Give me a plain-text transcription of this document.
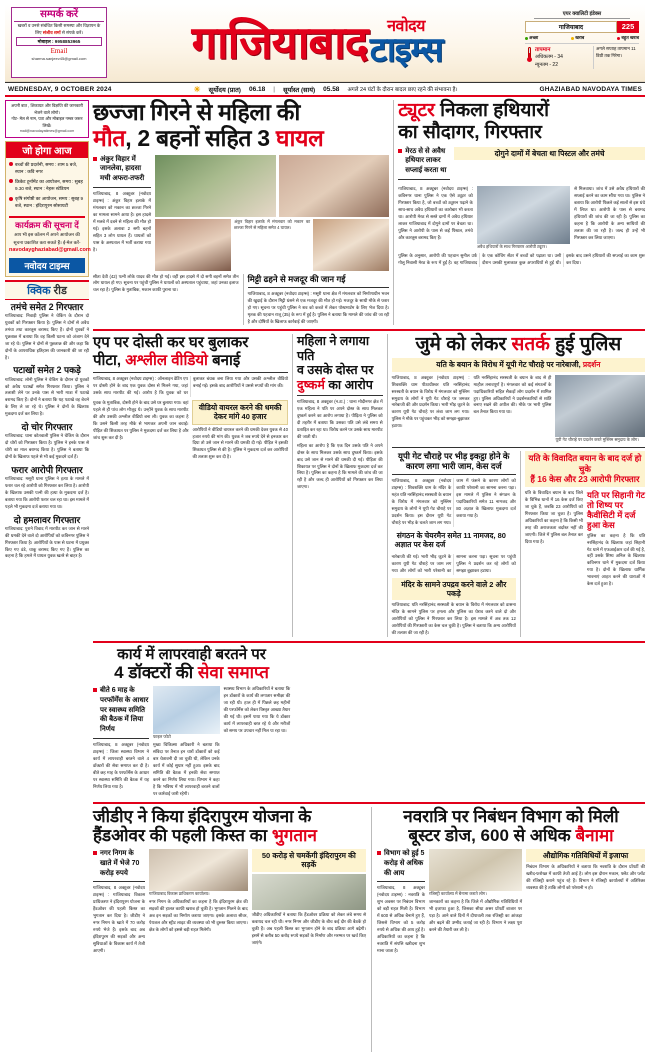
सम्पर्क करें
खबरों व उनसे संबंधित किसी समस्या और विज्ञापन के लिए संजीव शर्मा से संपर्क करें।
मोबाइल : 9958853965
Email
sharma.sanjeev45@gmail.com	गाजियाबाद नवोदय
टाइम्स
एयर क्वालिटी इंडेक्स
गाजियाबाद	225
अच्छा	खराब	बहुत खराब
तापमान
अधिकतम - 34
न्यूनतम - 22
अगले सप्ताह तापमान 11 डिग्री तक गिरेगा।
WEDNESDAY, 9 OCTOBER 2024	☀ सूर्योदय (प्रात) 06.18 | सूर्यास्त (सायं) 05.58 अगले 24 घंटों के दौरान बादल छाए रहने की संभावना है।	GHAZIABAD NAVODAYA TIMES
अपनी बात , शिकायत और विज्ञप्ति की जानकारी भेजने वाले लोगो।
नोट- मेल से नाम, पता और मोबाइल नम्बर जरूर लिखें।
mail@navodayatimes@gmail.com
जो होगा आज
बच्चों की प्रदर्शनी, समय : शाम 5 बजे, स्थान : कवि नगर
क्रिकेट टूर्नामेंट का आयोजन, समय : सुबह 9.30 बजे, स्थान : नेहरू स्टेडियम
कृषि संगोष्ठी का आयोजन, समय : सुबह 9 बजे, स्थान : इंदिरापुरम सोसायटी
कार्यक्रम की सूचना दें
आप भी इस कॉलम में अपने आयोजन की सूचना प्रकाशित करा सकते हैं। ई-मेल करें-
navodayghaziabad@gmail.com
नवोदय टाइम्स
क्विक रीड
तमंचे समेत 2 गिरफ्तार
गाजियाबाद: निवाड़ी पुलिस ने चेकिंग के दौरान दो युवकों को गिरफ्तार किया है। पुलिस ने दोनों से अवैध तमंचा तथा कारतूस बरामद किए हैं। दोनों युवकों ने पूछताछ में बताया कि वह किसी घटना को अंजाम देने जा रहे थे। पुलिस ने दोनों से पूछताछ की और कहा कि दोनों के आपराधिक इतिहास की जानकारी की जा रही है।
पटाखों समेत 2 पकड़े
गाजियाबाद: लोनी पुलिस ने चेकिंग के दौरान दो युवकों को अवैध पटाखों समेत गिरफ्तार किया। पुलिस ने तलाशी लेने पर उनके पास से भारी मात्रा में पटाखे बरामद किए हैं। दोनों ने बताया कि यह पटाखे वह बेचने के लिए ले जा रहे थे। पुलिस ने दोनों के खिलाफ मुकदमा दर्ज कर लिया है।
दो चोर गिरफ्तार
गाजियाबाद: थाना कोतवाली पुलिस ने चेकिंग के दौरान दो चोरों को गिरफ्तार किया है। पुलिस ने इनके पास से चोरी का माल बरामद किया है। पुलिस ने बताया कि दोनों के खिलाफ पहले से भी कई मुकदमे दर्ज हैं।
फरार आरोपी गिरफ्तार
गाजियाबाद: मसूरी थाना पुलिस ने हत्या के मामले में फरार चल रहे आरोपी को गिरफ्तार कर लिया है। आरोपी के खिलाफ उसकी पत्नी की हत्या के मुकदमा दर्ज है। बताया गया कि आरोपी फरार चल रहा था। इस मामले में पहले भी मुकदमा दर्ज कराया गया था।
दो हमलावर गिरफ्तार
गाजियाबाद: पुराने विवाद में मारपीट कर जान से मारने की धमकी देने वाले दो आरोपियों को कविनगर पुलिस ने गिरफ्तार किया है। आरोपियों के पास से घटना में प्रयुक्त किए गए डंडे, चाकू बरामद किए गए हैं। पुलिस का कहना है कि हमले में घायल युवक खतरे से बाहर है।
छज्जा गिरने से महिला की
मौत, 2 बहनों सहित 3 घायल
अंकुर विहार में जानलेवा, हादसा मची अफरा-तफरी
गाजियाबाद, 8 अक्टूबर (नवोदय टाइम्स) : अंकुर विहार इलाके में मंगलवार को मकान का छज्जा गिरने का मामला सामने आया है। इस हादसे में मलबे में दबने से महिला की मौत हो गई। इसके अलावा 2 सगी बहनों सहित 3 लोग घायल हैं। घायलों को पास के अस्पताल में भर्ती कराया गया है।
अंकुर विहार इलाके में मंगलवार को मकान का छज्जा गिरने से महिला समेत 4 घायल।
सीता देवी (42) पत्नी लोके यादव की मौत हो गई। वहीं इस हादसे में दो सगी बहनों समेत तीन लोग घायल हो गए। सूचना पर पहुंची पुलिस ने घायलों को अस्पताल पहुंचाया, जहां उनका इलाज चल रहा है। पुलिस के मुताबिक, मकान काफी पुराना था।
मिट्टी ढहने से मजदूर की जान गई
गाजियाबाद, 8 अक्टूबर (नवोदय टाइम्स) : मसूरी थाना क्षेत्र में मंगलवार को निर्माणाधीन भवन की खुदाई के दौरान मिट्टी धंसने से एक मजदूर की मौत हो गई। मजदूर के साथी मौके से फरार हो गए। सूचना पर पहुंची पुलिस ने शव को कब्जे में लेकर पोस्टमार्टम के लिए भेज दिया है। मृतक की पहचान राजू (35) के रूप में हुई है। पुलिस ने बताया कि मामले की जांच की जा रही है और दोषियों के खिलाफ कार्रवाई की जाएगी।
ट्यूटर निकला हथियारों
का सौदागर, गिरफ्तार
मेरठ से से अवैध हथियार लाकर सप्लाई करता था
दोगुने दामों में बेचता था पिस्टल और तमंचे
गाजियाबाद, 8 अक्टूबर (नवोदय टाइम्स) : कविनगर थाना पुलिस ने एक ऐसे ट्यूटर को गिरफ्तार किया है, जो बच्चों को ट्यूशन पढ़ाने के साथ-साथ अवैध हथियारों का कारोबार भी करता था। आरोपी मेरठ से सस्ते दामों में अवैध हथियार लाकर गाजियाबाद में दोगुने दामों पर बेचता था। पुलिस ने आरोपी के पास से कई पिस्टल, तमंचे और कारतूस बरामद किए हैं।
अवैध हथियारों के साथ गिरफ्तार आरोपी ट्यूटर।
से मिलवाया। जांच में उसे अवैध हथियारों की सप्लाई करने का काम सौंपा गया था। पुलिस ने बताया कि आरोपी पिछले कई सालों से इस धंधे में लिप्त था। आरोपी के पास से बरामद हथियारों की जांच की जा रही है। पुलिस का कहना है कि आरोपी के अन्य साथियों की तलाश की जा रही है। जल्द ही उन्हें भी गिरफ्तार कर लिया जाएगा।
पुलिस के अनुसार, आरोपी की पहचान सुनील उर्फ गोलू निवासी मेरठ के रूप में हुई है। वह गाजियाबाद के एक कोचिंग सेंटर में बच्चों को पढ़ाता था। उसी दौरान उसकी मुलाकात कुछ अपराधियों से हुई थी। इसके बाद उसने हथियारों की सप्लाई का काम शुरू कर दिया।
एप पर दोस्ती कर घर बुलाकर
पीटा, अश्लील वीडियो बनाई
गाजियाबाद, 8 अक्टूबर (नवोदय टाइम्स) : ऑनलाइन डेटिंग एप पर दोस्ती होने के बाद एक युवक दोस्त से मिलने गया, जहां उसके साथ मारपीट की गई। आरोप है कि युवक को घर बुलाकर बंधक बना लिया गया और उसकी अश्लील वीडियो बनाई गई। इसके बाद आरोपियों ने उससे रुपयों की मांग की।
युवक के मुताबिक, दोस्ती होने के बाद उसे घर बुलाया गया। वहां पहले से ही पांच लोग मौजूद थे। उन्होंने युवक के साथ मारपीट की और उसकी अश्लील वीडियो बना ली। युवक का कहना है कि उसने किसी तरह मौके से भागकर अपनी जान बचाई। पीड़ित की शिकायत पर पुलिस ने मुकदमा दर्ज कर लिया है और जांच शुरू कर दी है।
वीडियो वायरल करने की धमकी देकर मांगे 40 हजार
आरोपियों ने वीडियो वायरल करने की धमकी देकर युवक से 40 हजार रुपये की मांग की। युवक ने जब रुपये देने से इनकार कर दिया तो उसे जान से मारने की धमकी दी गई। पीड़ित ने इसकी शिकायत पुलिस से की है। पुलिस ने मुकदमा दर्ज कर आरोपियों की तलाश शुरू कर दी है।
महिला ने लगाया पति
व उसके दोस्त पर
दुष्कर्म का आरोप
गाजियाबाद, 8 अक्टूबर (न.टा.) : थाना मोदीनगर क्षेत्र में एक महिला ने पति पर अपने दोस्त के साथ मिलकर दुष्कर्म करने का आरोप लगाया है। पीड़िता ने पुलिस को दी तहरीर में बताया कि उसका पति उसे लंबे समय से प्रताड़ित कर रहा था। विरोध करने पर उसके साथ मारपीट की जाती थी।
महिला का आरोप है कि एक दिन उसके पति ने अपने दोस्त के साथ मिलकर उसके साथ दुष्कर्म किया। इसके बाद उसे जान से मारने की धमकी दी गई। पीड़िता की शिकायत पर पुलिस ने दोनों के खिलाफ मुकदमा दर्ज कर लिया है। पुलिस का कहना है कि मामले की जांच की जा रही है और जल्द ही आरोपियों को गिरफ्तार कर लिया जाएगा।
जुमे को लेकर सतर्क हुई पुलिस
यति के बयान के विरोध में यूपी गेट चौराहे पर नारेबाजी, प्रदर्शन
गाजियाबाद, 8 अक्टूबर (नवोदय टाइम्स) : शिवशक्ति धाम पीठाधीश्वर यति नरसिंहानंद सरस्वती के बयान के विरोध में मंगलवार को मुस्लिम समुदाय के लोगों ने यूपी गेट चौराहे पर जमकर नारेबाजी की और प्रदर्शन किया। भारी भीड़ जुटने के कारण यूपी गेट चौराहे पर लंबा जाम लग गया। पुलिस ने मौके पर पहुंचकर भीड़ को समझा-बुझाकर हटाया।
यति नरसिंहानंद सरस्वती के बयान के बाद से ही माहौल तनावपूर्ण है। मंगलवार को कई संगठनों के पदाधिकारियों सहित सैकड़ों लोग प्रदर्शन में शामिल हुए। पुलिस अधिकारियों ने प्रदर्शनकारियों से शांति बनाए रखने की अपील की। मौके पर भारी पुलिस बल तैनात किया गया था।
यूपी गेट चौराहे पर प्रदर्शन करते मुस्लिम समुदाय के लोग।
यूपी गेट चौराहे पर भीड़ इकट्ठा होने के कारण लगा भारी जाम, केस दर्ज
गाजियाबाद, 8 अक्टूबर (नवोदय टाइम्स) : शिवशक्ति धाम के मंदिर के महंत यति नरसिंहानंद सरस्वती के बयान के विरोध में मंगलवार को मुस्लिम समुदाय के लोगों ने यूपी गेट चौराहे पर प्रदर्शन किया। इस दौरान यूपी गेट चौराहे पर भीड़ के चलते जाम लग गया। जाम में फंसने के कारण लोगों को काफी परेशानी का सामना करना पड़ा। इस मामले में पुलिस ने संगठन के पदाधिकारियों समेत 11 नामजद और 80 अज्ञात के खिलाफ मुकदमा दर्ज कराया गया है।
संगठन के चेयरमैन समेत 11 नामजद, 80 अज्ञात पर केस दर्ज
नारेबाजी की गई। भारी भीड़ जुटने के कारण यूपी गेट चौराहे पर जाम लग गया और लोगों को भारी परेशानी का सामना करना पड़ा। सूचना पर पहुंची पुलिस ने प्रदर्शन कर रहे लोगों को समझा बुझाकर हटाया।
मंदिर के सामने उपद्रव करने वाले 2 और पकड़े
गाजियाबाद: यति नरसिंहानंद सरस्वती के बयान के विरोध में मंगलवार को डासना मंदिर के सामने पुलिस पर हमला और पुलिस का घेराव करने वाले दो और आरोपियों को पुलिस ने गिरफ्तार कर लिया है। इस मामले में अब तक 12 आरोपियों की गिरफ्तारी का केस चल चुकी है। पुलिस ने बताया कि अन्य आरोपियों की तलाश की जा रही है।
यति के विवादित बयान के बाद दर्ज हो चुके
हैं 16 केस और 23 आरोपी गिरफ्तार
यति के विवादित बयान के बाद जिले के विभिन्न थानों में 16 केस दर्ज किए जा चुके हैं, जबकि 23 आरोपियों को गिरफ्तार किया जा चुका है। पुलिस अधिकारियों का कहना है कि किसी भी तरह की अराजकता बर्दाश्त नहीं की जाएगी। जिले में पुलिस बल तैनात कर दिया गया है।
यति पर सिहानी गेट तो शिष्य पर कैवीसिटी में दर्ज हुआ केस
पुलिस का कहना है कि यति नरसिंहानंद के खिलाफ जहां सिहानी गेट थाने में एफआईआर दर्ज की गई है, वहीं उसके शिष्य अनिल के खिलाफ कविनगर थाने में मुकदमा दर्ज किया गया है। दोनों के खिलाफ धार्मिक भावनाएं आहत करने की धाराओं में केस दर्ज हुआ है।
कार्य में लापरवाही बरतने पर
4 डॉक्टरों की सेवा समाप्त
बीते 6 माह के परफॉर्मेंस के आधार पर स्वास्थ्य समिति की बैठक में लिया निर्णय
गाजियाबाद, 8 अक्टूबर (नवोदय टाइम्स) : जिला स्वास्थ्य विभाग ने कार्य में लापरवाही बरतने वाले 4 डॉक्टरों की सेवा समाप्त कर दी है। बीते छह माह के परफॉर्मेंस के आधार पर स्वास्थ्य समिति की बैठक में यह निर्णय लिया गया है।
फाइल फोटो
मुख्य चिकित्सा अधिकारी ने बताया कि संविदा पर तैनात इन चारों डॉक्टरों को कई बार चेतावनी दी जा चुकी थी, लेकिन उनके कार्य में कोई सुधार नहीं हुआ। इसके बाद समिति की बैठक में इनकी सेवा समाप्त करने का निर्णय लिया गया। विभाग ने कहा है कि भविष्य में भी लापरवाही बरतने वालों पर कार्रवाई जारी रहेगी।
स्वास्थ्य विभाग के अधिकारियों ने बताया कि इन डॉक्टरों के कार्य की लगातार समीक्षा की जा रही थी। हाल ही में पिछले छह महीनों की परफॉर्मेंस को लेकर विस्तृत आख्या तैयार की गई थी। इसमें पाया गया कि ये डॉक्टर कार्य में लापरवाही बरत रहे थे और मरीजों को समय पर उपचार नहीं मिल पा रहा था।
जीडीए ने किया इंदिरापुरम योजना के
हैंडओवर की पहली किस्त का भुगतान
नगर निगम के खाते में भेजे 70 करोड़ रुपये
गाजियाबाद, 8 अक्टूबर (नवोदय टाइम्स) : गाजियाबाद विकास प्राधिकरण ने इंदिरापुरम योजना के हैंडओवर की पहली किस्त का भुगतान कर दिया है। जीडीए ने नगर निगम के खाते में 70 करोड़ रुपये भेजे हैं। इसके बाद अब इंदिरापुरम की सड़कों और अन्य सुविधाओं के विकास कार्य में तेजी आएगी।
गाजियाबाद विकास प्राधिकरण कार्यालय।
नगर निगम के अधिकारियों का कहना है कि इंदिरापुरम क्षेत्र की सड़कों की हालत काफी खराब हो चुकी है। भुगतान मिलने के बाद अब इन सड़कों का निर्माण कराया जाएगा। इसके अलावा सीवर, पेयजल और स्ट्रीट लाइट की व्यवस्था को भी दुरुस्त किया जाएगा। क्षेत्र के लोगों को इससे बड़ी राहत मिलेगी।
50 करोड़ से चमकेंगी इंदिरापुरम की सड़कें
जीडीए अधिकारियों ने बताया कि हैंडओवर प्रक्रिया को लेकर लंबे समय से कवायद चल रही थी। नगर निगम और जीडीए के बीच कई दौर की बैठकें हो चुकी हैं। अब पहली किस्त का भुगतान होने के बाद प्रक्रिया आगे बढ़ेगी। इसमें से करीब 50 करोड़ रुपये सड़कों के निर्माण और मरम्मत पर खर्च किए जाएंगे।
नवरात्रि पर निबंधन विभाग को मिली
बूस्टर डोज, 600 से अधिक बैनामा
विभाग को हुई 5 करोड़ से अधिक की आय
गाजियाबाद, 8 अक्टूबर (नवोदय टाइम्स) : नवरात्रि के शुभ अवसर पर निबंधन विभाग को बड़ी राहत मिली है। विभाग में 600 से अधिक बैनामे हुए हैं, जिससे विभाग को 5 करोड़ रुपये से अधिक की आय हुई है। अधिकारियों का कहना है कि नवरात्रि में संपत्ति खरीदना शुभ माना जाता है।
रजिस्ट्री कार्यालय में बैनामा कराते लोग।
जानकारों का कहना है कि जिले में औद्योगिक गतिविधियों में भी इजाफा हुआ है, जिसका सीधा असर प्रॉपर्टी बाजार पर पड़ा है। आने वाले दिनों में दीपावली तक रजिस्ट्री का आंकड़ा और बढ़ने की उम्मीद जताई जा रही है। विभाग ने लक्ष्य पूरा करने की तैयारी कर ली है।
औद्योगिक गतिविधियों में इजाफा
निबंधन विभाग के अधिकारियों ने बताया कि नवरात्रि के दौरान प्रॉपर्टी की खरीद-फरोख्त में काफी तेजी आई है। लोग इस दौरान मकान, फ्लैट और प्लॉट की रजिस्ट्री कराने पहुंच रहे हैं। विभाग ने रजिस्ट्री कार्यालयों में अतिरिक्त व्यवस्था की है ताकि लोगों को परेशानी न हो।
